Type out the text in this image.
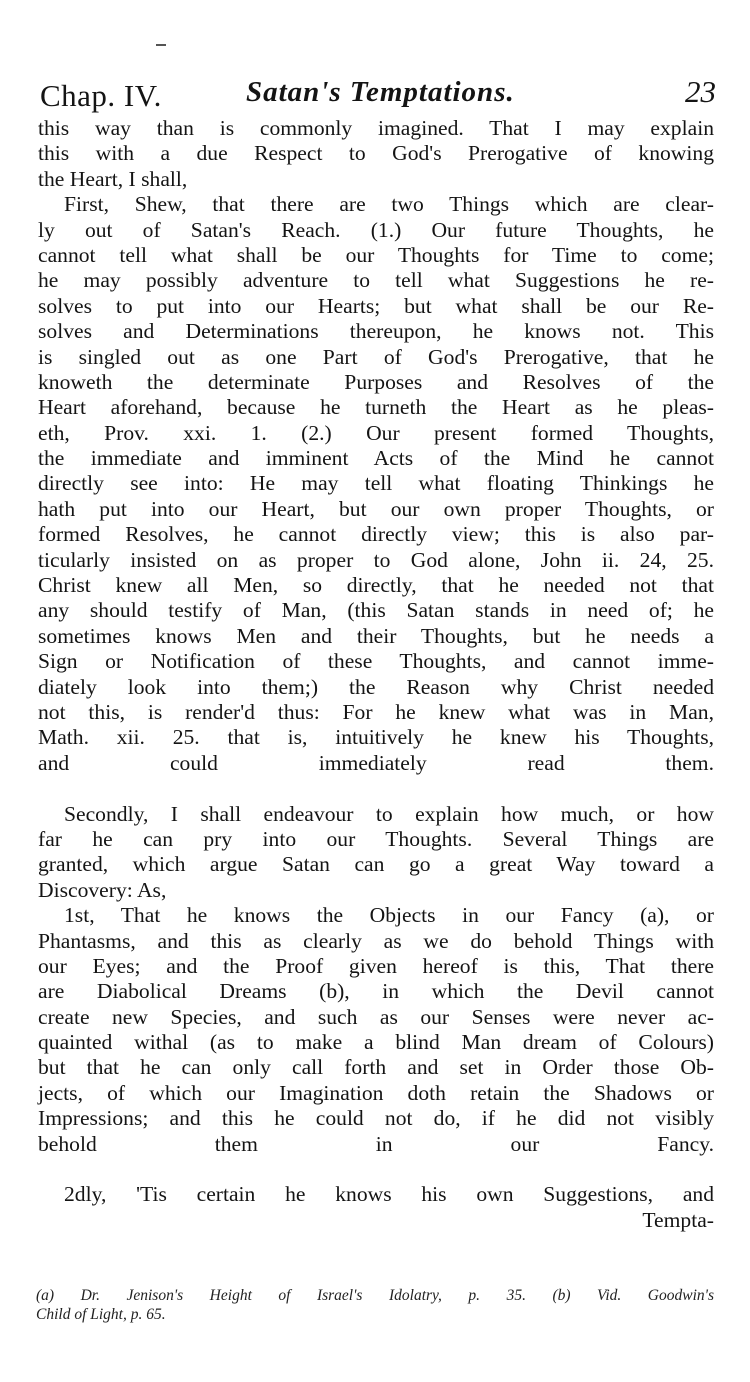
Chap. IV.	Satan's Temptations.	23
this way than is commonly imagined. That I may explain
this with a due Respect to God's Prerogative of knowing
the Heart, I shall,
First, Shew, that there are two Things which are clear-
ly out of Satan's Reach. (1.) Our future Thoughts, he
cannot tell what shall be our Thoughts for Time to come;
he may possibly adventure to tell what Suggestions he re-
solves to put into our Hearts; but what shall be our Re-
solves and Determinations thereupon, he knows not. This
is singled out as one Part of God's Prerogative, that he
knoweth the determinate Purposes and Resolves of the
Heart aforehand, because he turneth the Heart as he pleas-
eth, Prov. xxi. 1. (2.) Our present formed Thoughts,
the immediate and imminent Acts of the Mind he cannot
directly see into: He may tell what floating Thinkings he
hath put into our Heart, but our own proper Thoughts, or
formed Resolves, he cannot directly view; this is also par-
ticularly insisted on as proper to God alone, John ii. 24, 25.
Christ knew all Men, so directly, that he needed not that
any should testify of Man, (this Satan stands in need of; he
sometimes knows Men and their Thoughts, but he needs a
Sign or Notification of these Thoughts, and cannot imme-
diately look into them;) the Reason why Christ needed
not this, is render'd thus: For he knew what was in Man,
Math. xii. 25. that is, intuitively he knew his Thoughts,
and could immediately read them.
Secondly, I shall endeavour to explain how much, or how
far he can pry into our Thoughts. Several Things are
granted, which argue Satan can go a great Way toward a
Discovery: As,
1st, That he knows the Objects in our Fancy (a), or
Phantasms, and this as clearly as we do behold Things with
our Eyes; and the Proof given hereof is this, That there
are Diabolical Dreams (b), in which the Devil cannot
create new Species, and such as our Senses were never ac-
quainted withal (as to make a blind Man dream of Colours)
but that he can only call forth and set in Order those Ob-
jects, of which our Imagination doth retain the Shadows or
Impressions; and this he could not do, if he did not visibly
behold them in our Fancy.
2dly, 'Tis certain he knows his own Suggestions, and
Tempta-
(a) Dr. Jenison's Height of Israel's Idolatry, p. 35. (b) Vid. Goodwin's
Child of Light, p. 65.
